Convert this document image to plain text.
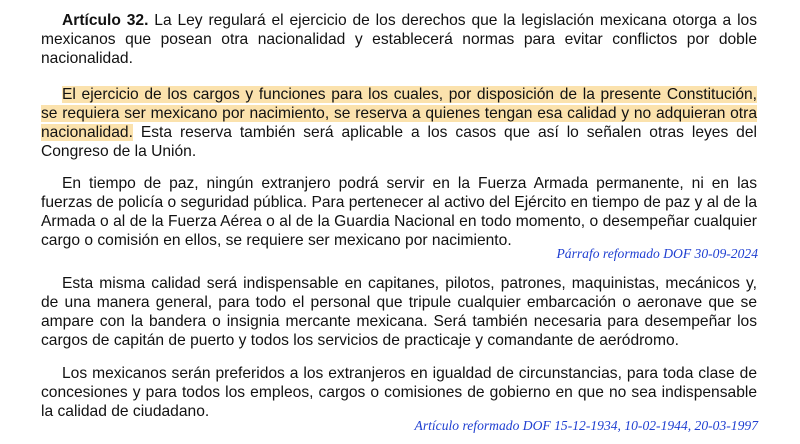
Artículo 32. La Ley regulará el ejercicio de los derechos que la legislación mexicana otorga a los mexicanos que posean otra nacionalidad y establecerá normas para evitar conflictos por doble nacionalidad.

El ejercicio de los cargos y funciones para los cuales, por disposición de la presente Constitución, se requiera ser mexicano por nacimiento, se reserva a quienes tengan esa calidad y no adquieran otra nacionalidad. Esta reserva también será aplicable a los casos que así lo señalen otras leyes del Congreso de la Unión.

En tiempo de paz, ningún extranjero podrá servir en la Fuerza Armada permanente, ni en las fuerzas de policía o seguridad pública. Para pertenecer al activo del Ejército en tiempo de paz y al de la Armada o al de la Fuerza Aérea o al de la Guardia Nacional en todo momento, o desempeñar cualquier cargo o comisión en ellos, se requiere ser mexicano por nacimiento.

Párrafo reformado DOF 30-09-2024

Esta misma calidad será indispensable en capitanes, pilotos, patrones, maquinistas, mecánicos y, de una manera general, para todo el personal que tripule cualquier embarcación o aeronave que se ampare con la bandera o insignia mercante mexicana. Será también necesaria para desempeñar los cargos de capitán de puerto y todos los servicios de practicaje y comandante de aeródromo.

Los mexicanos serán preferidos a los extranjeros en igualdad de circunstancias, para toda clase de concesiones y para todos los empleos, cargos o comisiones de gobierno en que no sea indispensable la calidad de ciudadano.

Artículo reformado DOF 15-12-1934, 10-02-1944, 20-03-1997
